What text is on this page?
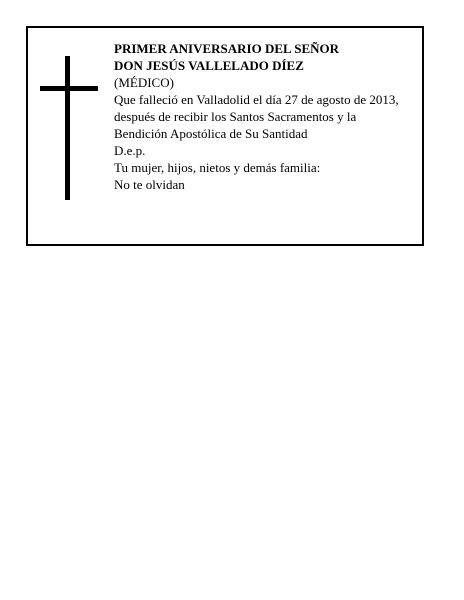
PRIMER ANIVERSARIO DEL SEÑOR
DON JESÚS VALLELADO DÍEZ
(MÉDICO)
Que falleció en Valladolid el día 27 de agosto de 2013,
después de recibir los Santos Sacramentos y la
Bendición Apostólica de Su Santidad
D.e.p.
Tu mujer, hijos, nietos y demás familia:
No te olvidan
